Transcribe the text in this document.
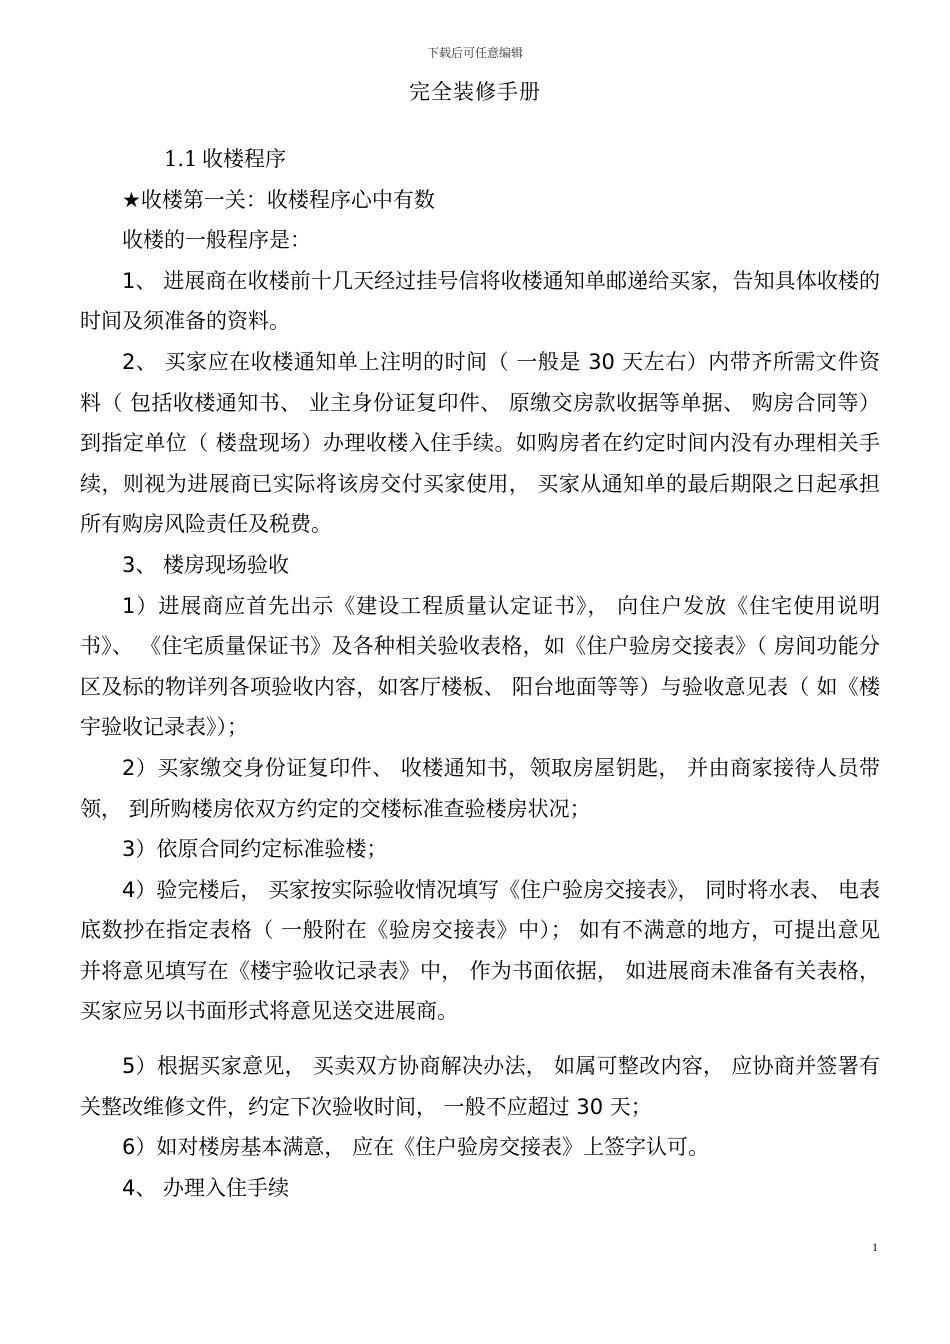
下载后可任意编辑
完全装修手册

1.1 收楼程序

★收楼第一关：收楼程序心中有数

收楼的一般程序是：

1、 进展商在收楼前十几天经过挂号信将收楼通知单邮递给买家，告知具体收楼的时间及须准备的资料。

2、 买家应在收楼通知单上注明的时间（ 一般是 30 天左右）内带齐所需文件资料（ 包括收楼通知书、 业主身份证复印件、 原缴交房款收据等单据、 购房合同等）到指定单位（ 楼盘现场）办理收楼入住手续。如购房者在约定时间内没有办理相关手续，则视为进展商已实际将该房交付买家使用， 买家从通知单的最后期限之日起承担所有购房风险责任及税费。

3、 楼房现场验收

1）进展商应首先出示《建设工程质量认定证书》， 向住户发放《住宅使用说明书》、 《住宅质量保证书》及各种相关验收表格，如《住户验房交接表》（ 房间功能分区及标的物详列各项验收内容，如客厅楼板、 阳台地面等等）与验收意见表（ 如《楼宇验收记录表》）；

2）买家缴交身份证复印件、 收楼通知书，领取房屋钥匙， 并由商家接待人员带领， 到所购楼房依双方约定的交楼标准查验楼房状况；

3）依原合同约定标准验楼；

4）验完楼后， 买家按实际验收情况填写《住户验房交接表》， 同时将水表、 电表底数抄在指定表格（ 一般附在《验房交接表》中）； 如有不满意的地方，可提出意见并将意见填写在《楼宇验收记录表》中， 作为书面依据， 如进展商未准备有关表格，买家应另以书面形式将意见送交进展商。

5）根据买家意见， 买卖双方协商解决办法， 如属可整改内容， 应协商并签署有关整改维修文件，约定下次验收时间， 一般不应超过 30 天；

6）如对楼房基本满意， 应在《住户验房交接表》上签字认可。

4、 办理入住手续

1
